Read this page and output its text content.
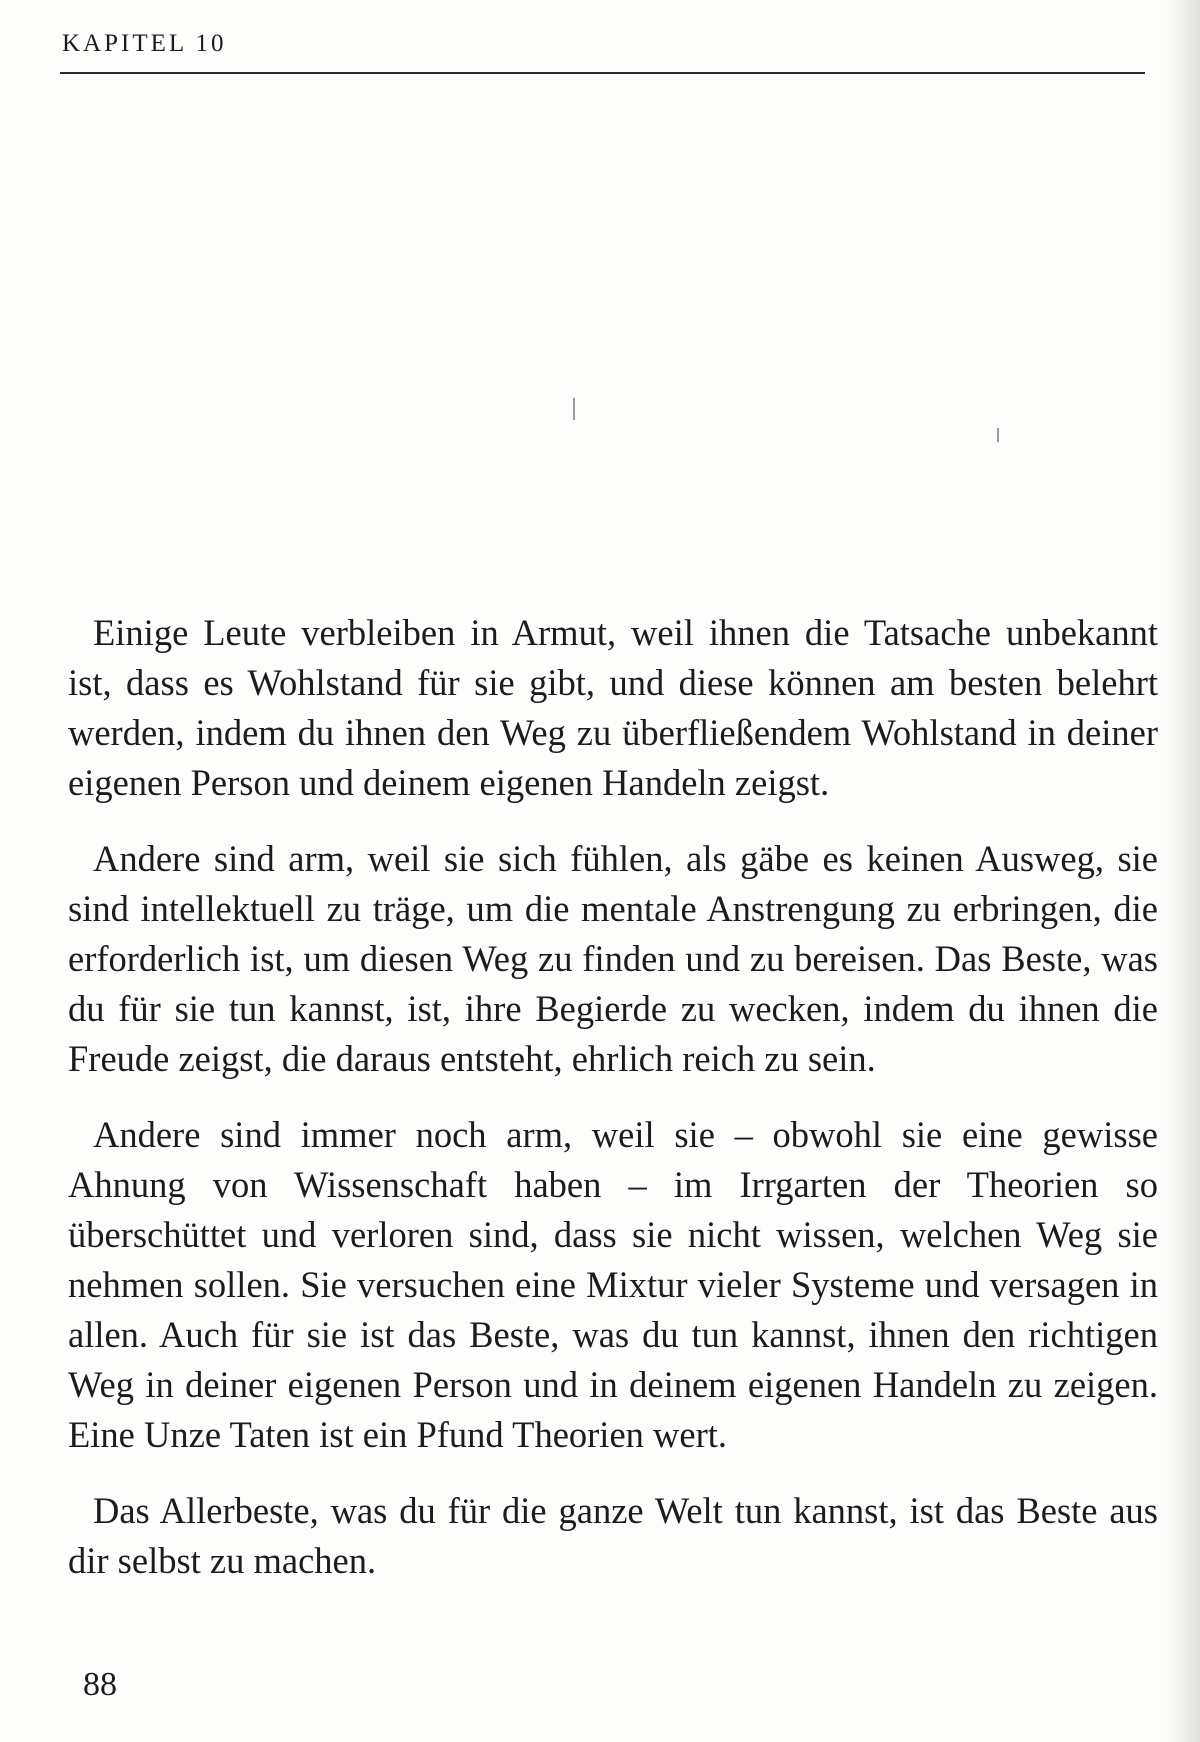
KAPITEL 10

Einige Leute verbleiben in Armut, weil ihnen die Tatsache unbekannt ist, dass es Wohlstand für sie gibt, und diese können am besten belehrt werden, indem du ihnen den Weg zu überfließendem Wohlstand in deiner eigenen Person und deinem eigenen Handeln zeigst.

Andere sind arm, weil sie sich fühlen, als gäbe es keinen Ausweg, sie sind intellektuell zu träge, um die mentale Anstrengung zu erbringen, die erforderlich ist, um diesen Weg zu finden und zu bereisen. Das Beste, was du für sie tun kannst, ist, ihre Begierde zu wecken, indem du ihnen die Freude zeigst, die daraus entsteht, ehrlich reich zu sein.

Andere sind immer noch arm, weil sie – obwohl sie eine gewisse Ahnung von Wissenschaft haben – im Irrgarten der Theorien so überschüttet und verloren sind, dass sie nicht wissen, welchen Weg sie nehmen sollen. Sie versuchen eine Mixtur vieler Systeme und versagen in allen. Auch für sie ist das Beste, was du tun kannst, ihnen den richtigen Weg in deiner eigenen Person und in deinem eigenen Handeln zu zeigen. Eine Unze Taten ist ein Pfund Theorien wert.

Das Allerbeste, was du für die ganze Welt tun kannst, ist das Beste aus dir selbst zu machen.

88
